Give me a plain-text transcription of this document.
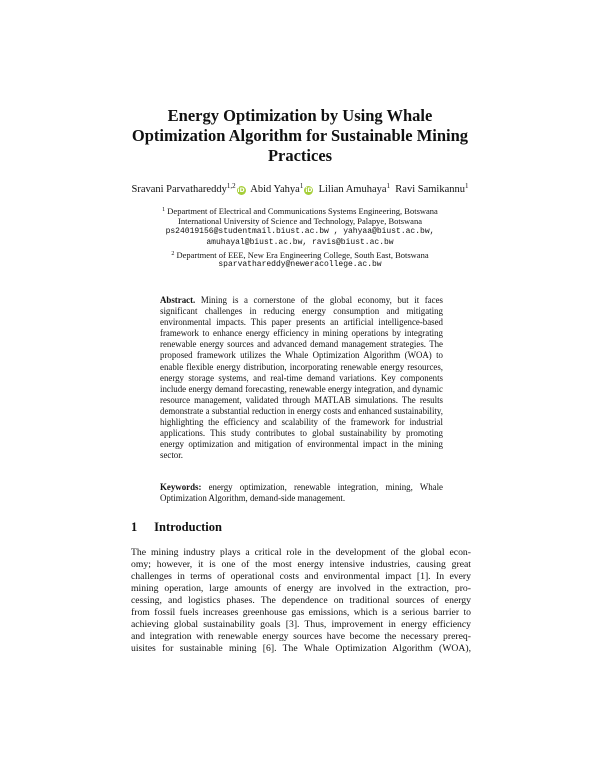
Energy Optimization by Using Whale
Optimization Algorithm for Sustainable Mining
Practices
Sravani Parvathareddy$^{1,2}$iD Abid Yahya$^1$iD Lilian Amuhaya$^1$ Ravi Samikannu$^1$
$^1$ Department of Electrical and Communications Systems Engineering, Botswana
International University of Science and Technology, Palapye, Botswana
ps24019156@studentmail.biust.ac.bw , yahyaa@biust.ac.bw,
amuhayal@biust.ac.bw, ravis@biust.ac.bw
$^2$ Department of EEE, New Era Engineering College, South East, Botswana
sparvathareddy@neweracollege.ac.bw
Abstract. Mining is a cornerstone of the global economy, but it faces significant challenges in reducing energy consumption and mitigating environmental impacts. This paper presents an artificial intelligence-based framework to enhance energy efficiency in mining operations by integrating renewable energy sources and advanced demand management strategies. The proposed framework utilizes the Whale Optimization Algorithm (WOA) to enable flexible energy distribution, incorporating renewable energy resources, energy storage systems, and real-time demand variations. Key components include energy demand forecasting, renewable energy integration, and dynamic resource management, validated through MATLAB simulations. The results demonstrate a substantial reduction in energy costs and enhanced sustainability, highlighting the efficiency and scalability of the framework for industrial applications. This study contributes to global sustainability by promoting energy optimization and mitigation of environmental impact in the mining sector.
Keywords: energy optimization, renewable integration, mining, Whale Optimization Algorithm, demand-side management.
1 Introduction
The mining industry plays a critical role in the development of the global econ-
omy; however, it is one of the most energy intensive industries, causing great
challenges in terms of operational costs and environmental impact [1]. In every
mining operation, large amounts of energy are involved in the extraction, pro-
cessing, and logistics phases. The dependence on traditional sources of energy
from fossil fuels increases greenhouse gas emissions, which is a serious barrier to
achieving global sustainability goals [3]. Thus, improvement in energy efficiency
and integration with renewable energy sources have become the necessary prereq-
uisites for sustainable mining [6]. The Whale Optimization Algorithm (WOA),
